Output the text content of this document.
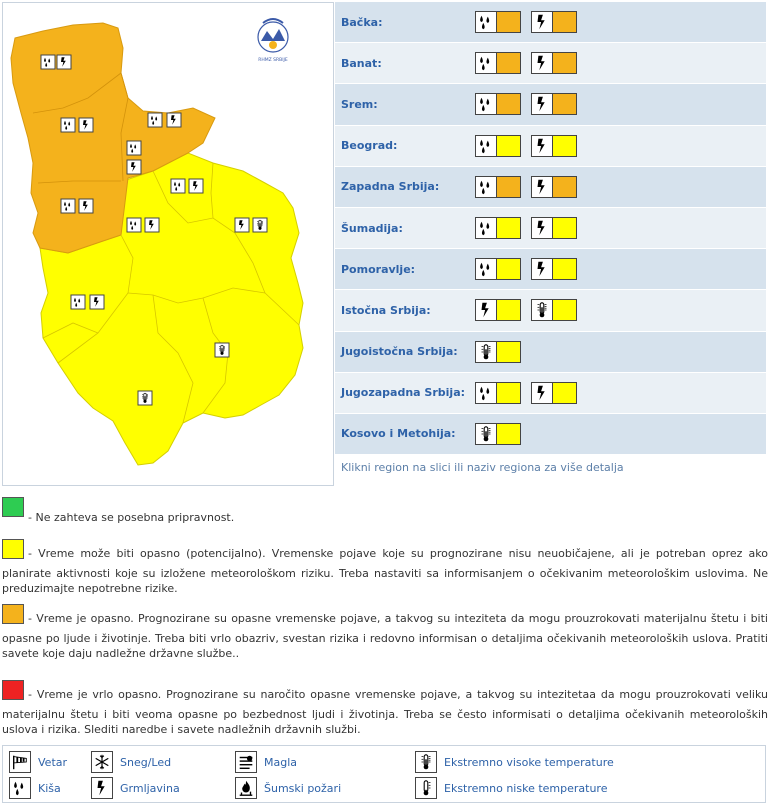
RHMZ SRBIJE
Bačka:
Banat:
Srem:
Beograd:
Zapadna Srbija:
Šumadija:
Pomoravlje:
Istočna Srbija:
Jugoistočna Srbija:
Jugozapadna Srbija:
Kosovo i Metohija:
Klikni region na slici ili naziv regiona za više detalja
- Ne zahteva se posebna pripravnost.
- Vreme može biti opasno (potencijalno). Vremenske pojave koje su prognozirane nisu neuobičajene, ali je potreban oprez ako planirate aktivnosti koje su izložene meteorološkom riziku. Treba nastaviti sa informisanjem o očekivanim meteorološkim uslovima. Ne preduzimajte nepotrebne rizike.
- Vreme je opasno. Prognozirane su opasne vremenske pojave, a takvog su inteziteta da mogu prouzrokovati materijalnu štetu i biti opasne po ljude i životinje. Treba biti vrlo obazriv, svestan rizika i redovno informisan o detaljima očekivanih meteoroloških uslova. Pratiti savete koje daju nadležne državne službe..
- Vreme je vrlo opasno. Prognozirane su naročito opasne vremenske pojave, a takvog su intezitetaa da mogu prouzrokovati veliku materijalnu štetu i biti veoma opasne po bezbednost ljudi i životinja. Treba se često informisati o detaljima očekivanih meteoroloških uslova i rizika. Slediti naredbe i savete nadležnih državnih službi.
Vetar
Kiša
Sneg/Led
Grmljavina
Magla
Šumski požari
Ekstremno visoke temperature
Ekstremno niske temperature
